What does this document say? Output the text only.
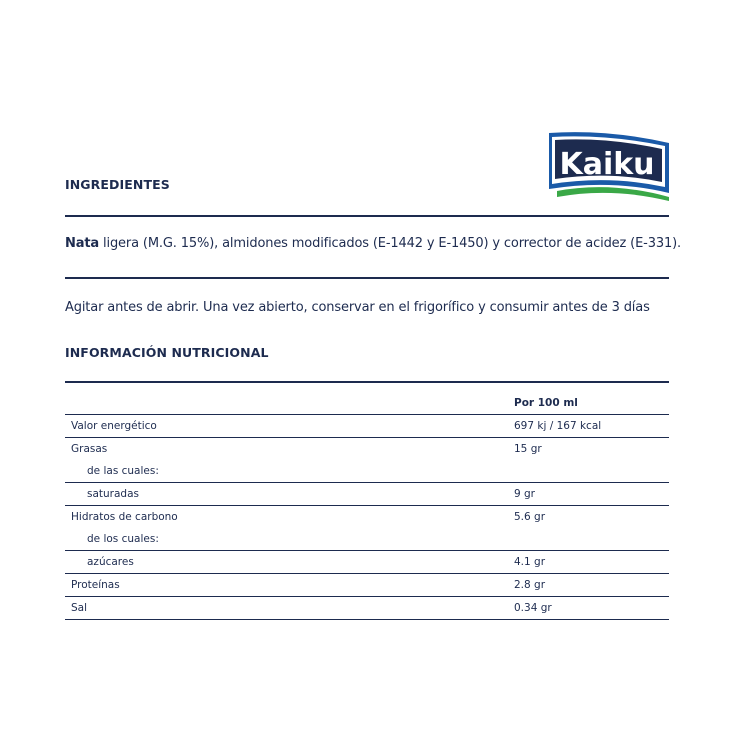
Kaiku
INGREDIENTES
Nata ligera (M.G. 15%), almidones modificados (E-1442 y E-1450) y corrector de acidez (E-331).
Agitar antes de abrir. Una vez abierto, conservar en el frigorífico y consumir antes de 3 días
INFORMACIÓN NUTRICIONAL
Por 100 ml
Valor energético	697 kj / 167 kcal
Grasas	15 gr
de las cuales:
saturadas	9 gr
Hidratos de carbono	5.6 gr
de los cuales:
azúcares	4.1 gr
Proteínas	2.8 gr
Sal	0.34 gr
